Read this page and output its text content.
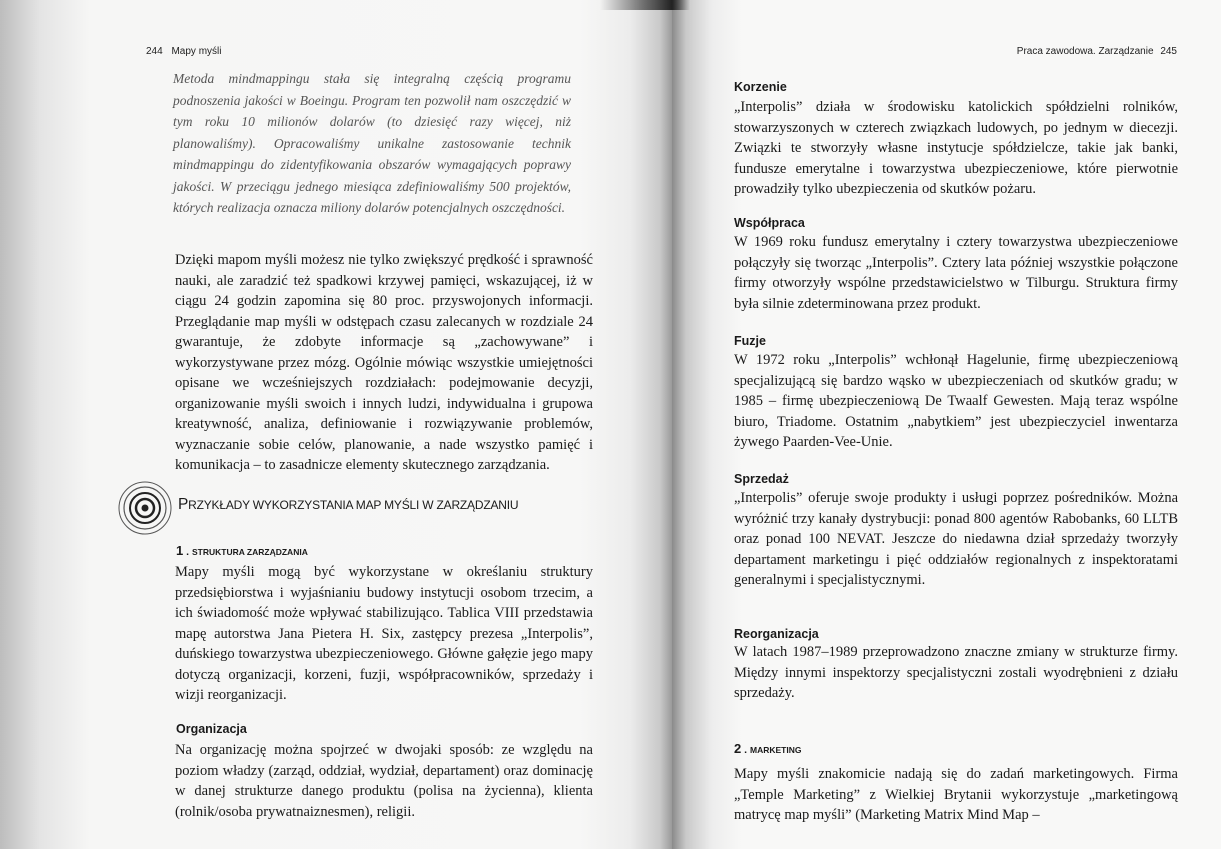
244 Mapy myśli	Praca zawodowa. Zarządzanie 245
Metoda mindmappingu stała się integralną częścią programu podnoszenia jakości w Boeingu. Program ten pozwolił nam oszczędzić w tym roku 10 milionów dolarów (to dziesięć razy więcej, niż planowaliśmy). Opracowaliśmy unikalne zastosowanie technik mindmappingu do zidentyfikowania obszarów wymagających poprawy jakości. W przeciągu jednego miesiąca zdefiniowaliśmy 500 projektów, których realizacja oznacza miliony dolarów potencjalnych oszczędności.

Dzięki mapom myśli możesz nie tylko zwiększyć prędkość i sprawność nauki, ale zaradzić też spadkowi krzywej pamięci, wskazującej, iż w ciągu 24 godzin zapomina się 80 proc. przyswojonych informacji. Przeglądanie map myśli w odstępach czasu zalecanych w rozdziale 24 gwarantuje, że zdobyte informacje są „zachowywane” i wykorzystywane przez mózg. Ogólnie mówiąc wszystkie umiejętności opisane we wcześniejszych rozdziałach: podejmowanie decyzji, organizowanie myśli swoich i innych ludzi, indywidualna i grupowa kreatywność, analiza, definiowanie i rozwiązywanie problemów, wyznaczanie sobie celów, planowanie, a nade wszystko pamięć i komunikacja – to zasadnicze elementy skutecznego zarządzania.

PRZYKŁADY WYKORZYSTANIA MAP MYŚLI W ZARZĄDZANIU
1 . STRUKTURA ZARZĄDZANIA

Mapy myśli mogą być wykorzystane w określaniu struktury przedsiębiorstwa i wyjaśnianiu budowy instytucji osobom trzecim, a ich świadomość może wpływać stabilizująco. Tablica VIII przedstawia mapę autorstwa Jana Pietera H. Six, zastępcy prezesa „Interpolis”, duńskiego towarzystwa ubezpieczeniowego. Główne gałęzie jego mapy dotyczą organizacji, korzeni, fuzji, współpracowników, sprzedaży i wizji reorganizacji.

Organizacja

Na organizację można spojrzeć w dwojaki sposób: ze względu na poziom władzy (zarząd, oddział, wydział, departament) oraz dominację w danej strukturze danego produktu (polisa na życienna), klienta (rolnik/osoba prywatnaiznesmen), religii.

Korzenie

„Interpolis” działa w środowisku katolickich spółdzielni rolników, stowarzyszonych w czterech związkach ludowych, po jednym w diecezji. Związki te stworzyły własne instytucje spółdzielcze, takie jak banki, fundusze emerytalne i towarzystwa ubezpieczeniowe, które pierwotnie prowadziły tylko ubezpieczenia od skutków pożaru.

Współpraca

W 1969 roku fundusz emerytalny i cztery towarzystwa ubezpieczeniowe połączyły się tworząc „Interpolis”. Cztery lata później wszystkie połączone firmy otworzyły wspólne przedstawicielstwo w Tilburgu. Struktura firmy była silnie zdeterminowana przez produkt.

Fuzje

W 1972 roku „Interpolis” wchłonął Hagelunie, firmę ubezpieczeniową specjalizującą się bardzo wąsko w ubezpieczeniach od skutków gradu; w 1985 – firmę ubezpieczeniową De Twaalf Gewesten. Mają teraz wspólne biuro, Triadome. Ostatnim „nabytkiem” jest ubezpieczyciel inwentarza żywego Paarden-Vee-Unie.

Sprzedaż

„Interpolis” oferuje swoje produkty i usługi poprzez pośredników. Można wyróżnić trzy kanały dystrybucji: ponad 800 agentów Rabobanks, 60 LLTB oraz ponad 100 NEVAT. Jeszcze do niedawna dział sprzedaży tworzyły departament marketingu i pięć oddziałów regionalnych z inspektoratami generalnymi i specjalistycznymi.

Reorganizacja

W latach 1987–1989 przeprowadzono znaczne zmiany w strukturze firmy. Między innymi inspektorzy specjalistyczni zostali wyodrębnieni z działu sprzedaży.

2 . MARKETING

Mapy myśli znakomicie nadają się do zadań marketingowych. Firma „Temple Marketing” z Wielkiej Brytanii wykorzystuje „marketingową matrycę map myśli” (Marketing Matrix Mind Map –
